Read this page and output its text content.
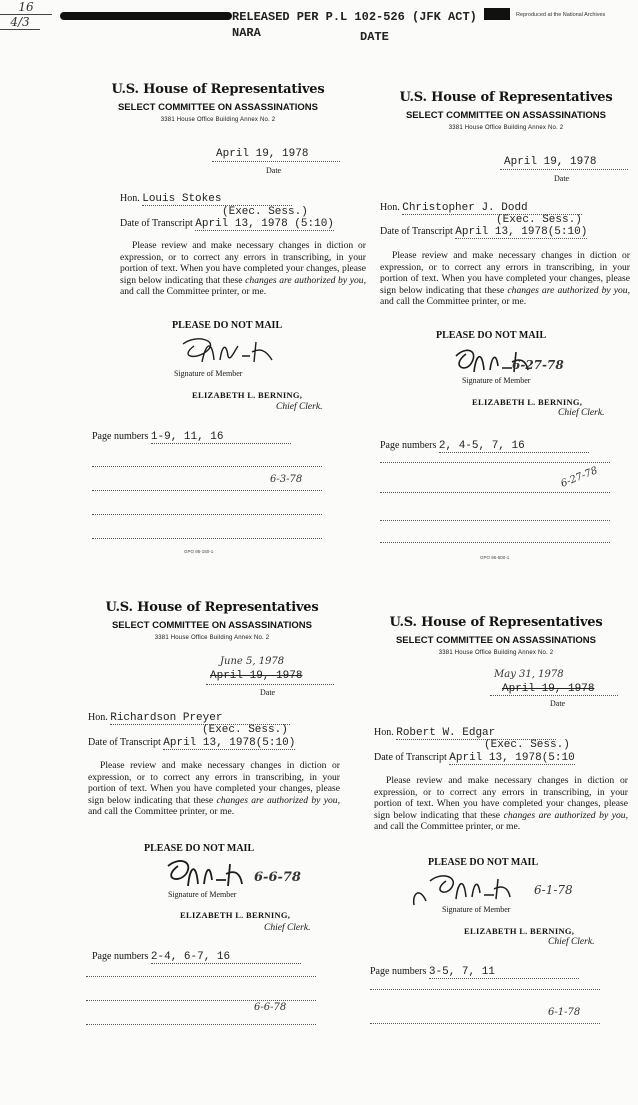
RELEASED PER P.L 102-526 (JFK ACT)	Reproduced at the National Archives
NARA
16
DATE
4/3
U.S. House of Representatives
SELECT COMMITTEE ON ASSASSINATIONS
3381 House Office Building Annex No. 2
April 19, 1978
Date
Hon. Louis Stokes
(Exec. Sess.)
Date of Transcript April 13, 1978 (5:10)
Please review and make necessary changes in diction or expression, or to correct any errors in transcribing, in your portion of text. When you have completed your changes, please sign below indicating that these changes are authorized by you, and call the Committee printer, or me.
PLEASE DO NOT MAIL
Signature of Member
ELIZABETH L. BERNING,
Chief Clerk.
Page numbers 1-9, 11, 16
6-3-78
GPO 95-150-1
U.S. House of Representatives
SELECT COMMITTEE ON ASSASSINATIONS
3381 House Office Building Annex No. 2
April 19, 1978
Date
Hon. Christopher J. Dodd
(Exec. Sess.)
Date of Transcript April 13, 1978(5:10)
Please review and make necessary changes in diction or expression, or to correct any errors in transcribing, in your portion of text. When you have completed your changes, please sign below indicating that these changes are authorized by you, and call the Committee printer, or me.
PLEASE DO NOT MAIL
6-27-78
Signature of Member
ELIZABETH L. BERNING,
Chief Clerk.
Page numbers 2, 4-5, 7, 16
6-27-78
GPO 95-500-1
U.S. House of Representatives
SELECT COMMITTEE ON ASSASSINATIONS
3381 House Office Building Annex No. 2
June 5, 1978
April 19, 1978
Date
Hon. Richardson Preyer
(Exec. Sess.)
Date of Transcript April 13, 1978(5:10)
Please review and make necessary changes in diction or expression, or to correct any errors in transcribing, in your portion of text. When you have completed your changes, please sign below indicating that these changes are authorized by you, and call the Committee printer, or me.
PLEASE DO NOT MAIL
6-6-78
Signature of Member
ELIZABETH L. BERNING,
Chief Clerk.
Page numbers 2-4, 6-7, 16
6-6-78
U.S. House of Representatives
SELECT COMMITTEE ON ASSASSINATIONS
3381 House Office Building Annex No. 2
May 31, 1978
April 19, 1978
Date
Hon. Robert W. Edgar
(Exec. Sess.)
Date of Transcript April 13, 1978(5:10
Please review and make necessary changes in diction or expression, or to correct any errors in transcribing, in your portion of text. When you have completed your changes, please sign below indicating that these changes are authorized by you, and call the Committee printer, or me.
PLEASE DO NOT MAIL
6-1-78
Signature of Member
ELIZABETH L. BERNING,
Chief Clerk.
Page numbers 3-5, 7, 11
6-1-78
